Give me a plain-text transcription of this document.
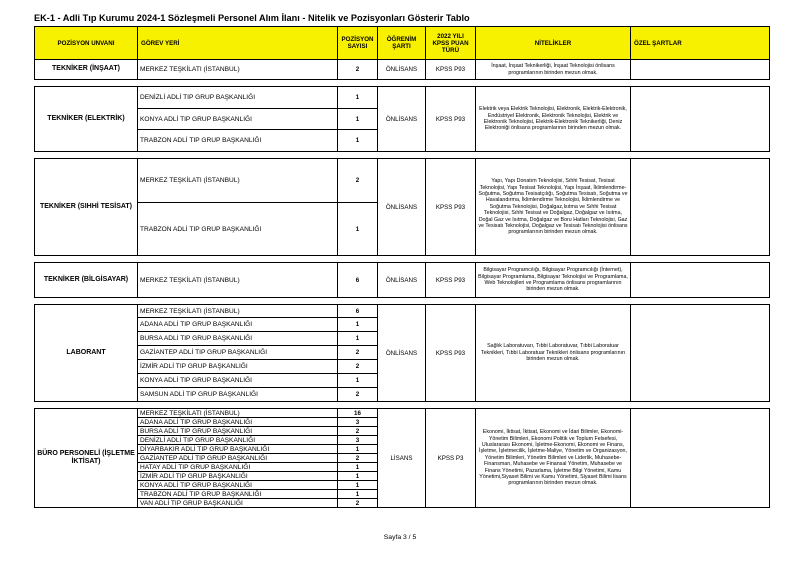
EK-1 - Adli Tıp Kurumu 2024-1 Sözleşmeli Personel Alım İlanı - Nitelik ve Pozisyonları Gösterir Tablo
POZİSYON UNVANI	GÖREV YERİ	POZİSYON SAYISI	ÖĞRENİM ŞARTI	2022 YILI KPSS PUAN TÜRÜ	NİTELİKLER	ÖZEL ŞARTLAR
TEKNİKER (İNŞAAT)	MERKEZ TEŞKİLATI (İSTANBUL)	2	ÖNLİSANS	KPSS P93	İnşaat, İnşaat Teknikerliği, İnşaat Teknolojisi önlisans programlarının birinden mezun olmak.	

TEKNİKER (ELEKTRİK)	DENİZLİ ADLİ TIP GRUP BAŞKANLIĞI	1	ÖNLİSANS	KPSS P93	Elektrik veya Elektrik Teknolojisi, Elektronik, Elektrik-Elektronik, Endüstriyel Elektronik, Elektronik Teknolojisi, Elektrik ve Elektronik Teknolojisi, Elektrik-Elektronik Teknikerliği, Deniz Elektroniği önlisans programlarının birinden mezun olmak.	
	KONYA ADLİ TIP GRUP BAŞKANLIĞI	1				
	TRABZON ADLİ TIP GRUP BAŞKANLIĞI	1				

TEKNİKER (SIHHİ TESİSAT)	MERKEZ TEŞKİLATI (İSTANBUL)	2	ÖNLİSANS	KPSS P93	Yapı, Yapı Donatım Teknolojisi, Sıhhi Tesisat, Tesisat Teknolojisi, Yapı Tesisat Teknolojisi, Yapı İnşaat, İklimlendirme-Soğutma, Soğutma Tesisatçılığı, Soğutma Tesisatı, Soğutma ve Havalandırma, İklimlendirme Teknolojisi, İklimlendirme ve Soğutma Teknolojisi, Doğalgaz,Isıtma ve Sıhhi Tesisat Teknolojisi, Sıhhi Tesisat ve Doğalgaz, Doğalgaz ve Isıtma, Doğal Gaz ve Isıtma, Doğalgaz ve Boru Hatları Teknolojisi, Gaz ve Tesisatı Teknolojisi, Doğalgaz ve Tesisatı Teknolojisi önlisans programlarının birinden mezun olmak.	
	TRABZON ADLİ TIP GRUP BAŞKANLIĞI	1				

TEKNİKER (BİLGİSAYAR)	MERKEZ TEŞKİLATI (İSTANBUL)	6	ÖNLİSANS	KPSS P93	Bilgisayar Programcılığı, Bilgisayar Programcılığı (İnternet), Bilgisayar Programlama, Bilgisayar Teknolojisi ve Programlama, Web Teknolojileri ve Programlama önlisans programlarının birinden mezun olmak.	

LABORANT	MERKEZ TEŞKİLATI (İSTANBUL)	6	ÖNLİSANS	KPSS P93	Sağlık Laboratuvarı, Tıbbi Laboratuvar, Tıbbi Laboratuar Teknikleri, Tıbbi Laboratuar Teknikleri önlisans programlarının birinden mezun olmak.	
	ADANA ADLİ TIP GRUP BAŞKANLIĞI	1				
	BURSA ADLİ TIP GRUP BAŞKANLIĞI	1				
	GAZİANTEP ADLİ TIP GRUP BAŞKANLIĞI	2				
	İZMİR ADLİ TIP GRUP BAŞKANLIĞI	2				
	KONYA ADLİ TIP GRUP BAŞKANLIĞI	1				
	SAMSUN ADLİ TIP GRUP BAŞKANLIĞI	2				

BÜRO PERSONELİ (İŞLETME İKTİSAT)	MERKEZ TEŞKİLATI (İSTANBUL)	16	LİSANS	KPSS P3	Ekonomi, İktisat, İktisat, Ekonomi ve İdari Bilimler, Ekonomi-Yönetim Bilimleri, Ekonomi Politik ve Toplum Felsefesi, Uluslararası Ekonomi, İşletme-Ekonomi, Ekonomi ve Finans, İşletme, İşletmecilik, İşletme-Maliye, Yönetim ve Organizasyon, Yönetim Bilimleri, Yönetim Bilimleri ve Liderlik, Muhasebe-Finansman, Muhasebe ve Finansal Yönetim, Muhasebe ve Finans Yönetimi, Pazarlama, İşletme Bilgi Yönetimi, Kamu Yönetimi,Siyaset Bilimi ve Kamu Yönetimi, Siyaset Bilimi lisans programlarının birinden mezun olmak.	
	ADANA ADLİ TIP GRUP BAŞKANLIĞI	3				
	BURSA ADLİ TIP GRUP BAŞKANLIĞI	2				
	DENİZLİ ADLİ TIP GRUP BAŞKANLIĞI	3				
	DİYARBAKIR ADLİ TIP GRUP BAŞKANLIĞI	1				
	GAZİANTEP ADLİ TIP GRUP BAŞKANLIĞI	2				
	HATAY ADLİ TIP GRUP BAŞKANLIĞI	1				
	İZMİR ADLİ TIP GRUP BAŞKANLIĞI	1				
	KONYA ADLİ TIP GRUP BAŞKANLIĞI	1				
	TRABZON ADLİ TIP GRUP BAŞKANLIĞI	1				
	VAN ADLİ TIP GRUP BAŞKANLIĞI	2				
Sayfa 3 / 5
